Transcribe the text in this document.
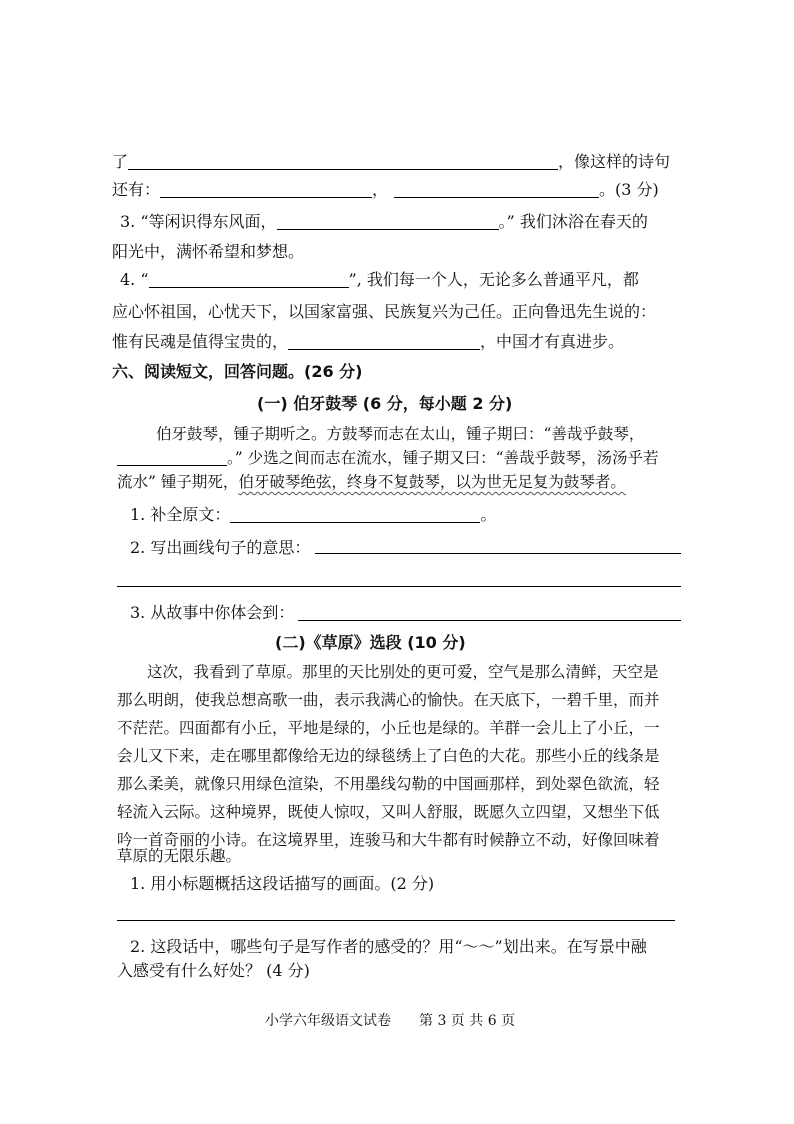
了	，像这样的诗句
还有：	，	。(3 分)
3. “等闲识得东风面，	。” 我们沐浴在春天的
阳光中，满怀希望和梦想。
4. “	”, 我们每一个人，无论多么普通平凡，都
应心怀祖国，心忧天下，以国家富强、民族复兴为己任。正向鲁迅先生说的：
惟有民魂是值得宝贵的，	，中国才有真进步。
六、阅读短文，回答问题。(26 分)
(一) 伯牙鼓琴 (6 分，每小题 2 分)
伯牙鼓琴，锺子期听之。方鼓琴而志在太山，锺子期曰：“善哉乎鼓琴，
。” 少选之间而志在流水，锺子期又曰：“善哉乎鼓琴，汤汤乎若
流水” 锺子期死，伯牙破琴绝弦，终身不复鼓琴，以为世无足复为鼓琴者。
1. 补全原文：	。
2. 写出画线句子的意思：
3. 从故事中你体会到：
(二)《草原》选段 (10 分)
这次，我看到了草原。那里的天比别处的更可爱，空气是那么清鲜，天空是
那么明朗，使我总想高歌一曲，表示我满心的愉快。在天底下，一碧千里，而并
不茫茫。四面都有小丘，平地是绿的，小丘也是绿的。羊群一会儿上了小丘，一
会儿又下来，走在哪里都像给无边的绿毯绣上了白色的大花。那些小丘的线条是
那么柔美，就像只用绿色渲染，不用墨线勾勒的中国画那样，到处翠色欲流，轻
轻流入云际。这种境界，既使人惊叹，又叫人舒服，既愿久立四望，又想坐下低
吟一首奇丽的小诗。在这境界里，连骏马和大牛都有时候静立不动，好像回味着
草原的无限乐趣。
1. 用小标题概括这段话描写的画面。(2 分)
2. 这段话中，哪些句子是写作者的感受的？用“～～”划出来。在写景中融
入感受有什么好处？ (4 分)
小学六年级语文试卷　　第 3 页 共 6 页
